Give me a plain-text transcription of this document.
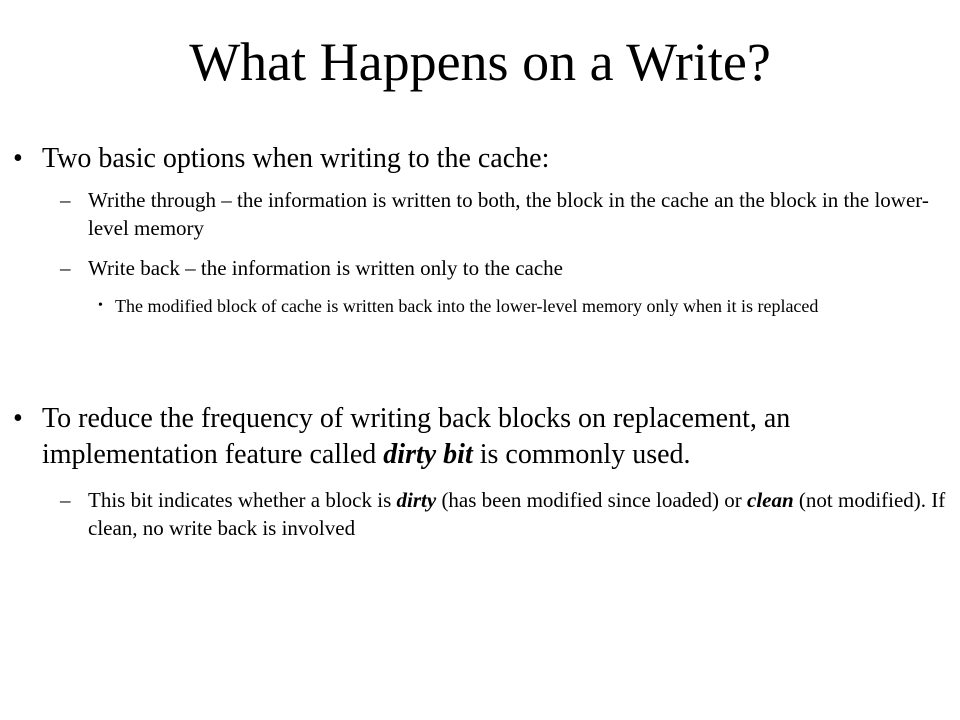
What Happens on a Write?
• Two basic options when writing to the cache:
– Writhe through – the information is written to both, the block in the cache an the block in the lower-level memory
– Write back – the information is written only to the cache
• The modified block of cache is written back into the lower-level memory only when it is replaced
• To reduce the frequency of writing back blocks on replacement, an implementation feature called dirty bit is commonly used.
– This bit indicates whether a block is dirty (has been modified since loaded) or clean (not modified). If clean, no write back is involved
